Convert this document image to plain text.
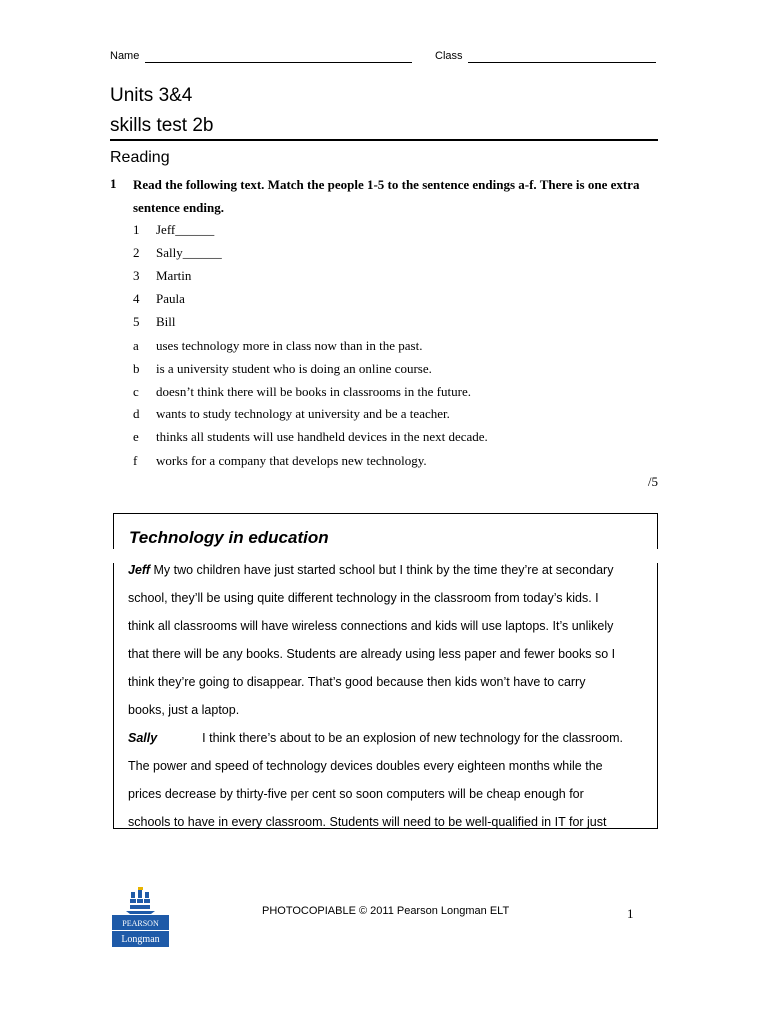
Name	Class
Units 3&4
skills test 2b
Reading
1 Read the following text. Match the people 1-5 to the sentence endings a-f. There is one extra sentence ending.
1	Jeff______
2	Sally______
3	Martin
4	Paula
5	Bill
a	uses technology more in class now than in the past.
b	is a university student who is doing an online course.
c	doesn’t think there will be books in classrooms in the future.
d	wants to study technology at university and be a teacher.
e	thinks all students will use handheld devices in the next decade.
f	works for a company that develops new technology.
/5
Technology in education
Jeff My two children have just started school but I think by the time they’re at secondary
school, they’ll be using quite different technology in the classroom from today’s kids. I
think all classrooms will have wireless connections and kids will use laptops. It’s unlikely
that there will be any books. Students are already using less paper and fewer books so I
think they’re going to disappear. That’s good because then kids won’t have to carry
books, just a laptop.
Sally	I think there’s about to be an explosion of new technology for the classroom.
The power and speed of technology devices doubles every eighteen months while the
prices decrease by thirty-five per cent so soon computers will be cheap enough for
schools to have in every classroom. Students will need to be well-qualified in IT for just
PEARSON
Longman
PHOTOCOPIABLE © 2011 Pearson Longman ELT	1
